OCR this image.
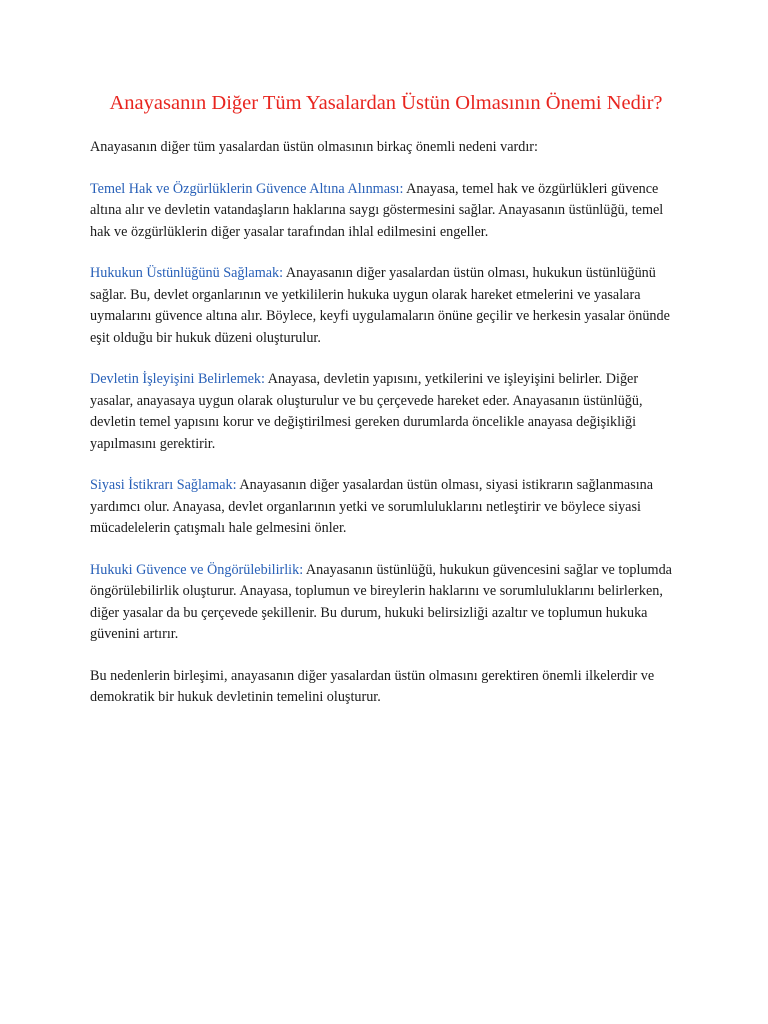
Anayasanın Diğer Tüm Yasalardan Üstün Olmasının Önemi Nedir?

Anayasanın diğer tüm yasalardan üstün olmasının birkaç önemli nedeni vardır:

Temel Hak ve Özgürlüklerin Güvence Altına Alınması: Anayasa, temel hak ve özgürlükleri güvence altına alır ve devletin vatandaşların haklarına saygı göstermesini sağlar. Anayasanın üstünlüğü, temel hak ve özgürlüklerin diğer yasalar tarafından ihlal edilmesini engeller.

Hukukun Üstünlüğünü Sağlamak: Anayasanın diğer yasalardan üstün olması, hukukun üstünlüğünü sağlar. Bu, devlet organlarının ve yetkililerin hukuka uygun olarak hareket etmelerini ve yasalara uymalarını güvence altına alır. Böylece, keyfi uygulamaların önüne geçilir ve herkesin yasalar önünde eşit olduğu bir hukuk düzeni oluşturulur.

Devletin İşleyişini Belirlemek: Anayasa, devletin yapısını, yetkilerini ve işleyişini belirler. Diğer yasalar, anayasaya uygun olarak oluşturulur ve bu çerçevede hareket eder. Anayasanın üstünlüğü, devletin temel yapısını korur ve değiştirilmesi gereken durumlarda öncelikle anayasa değişikliği yapılmasını gerektirir.

Siyasi İstikrarı Sağlamak: Anayasanın diğer yasalardan üstün olması, siyasi istikrarın sağlanmasına yardımcı olur. Anayasa, devlet organlarının yetki ve sorumluluklarını netleştirir ve böylece siyasi mücadelelerin çatışmalı hale gelmesini önler.

Hukuki Güvence ve Öngörülebilirlik: Anayasanın üstünlüğü, hukukun güvencesini sağlar ve toplumda öngörülebilirlik oluşturur. Anayasa, toplumun ve bireylerin haklarını ve sorumluluklarını belirlerken, diğer yasalar da bu çerçevede şekillenir. Bu durum, hukuki belirsizliği azaltır ve toplumun hukuka güvenini artırır.

Bu nedenlerin birleşimi, anayasanın diğer yasalardan üstün olmasını gerektiren önemli ilkelerdir ve demokratik bir hukuk devletinin temelini oluşturur.
